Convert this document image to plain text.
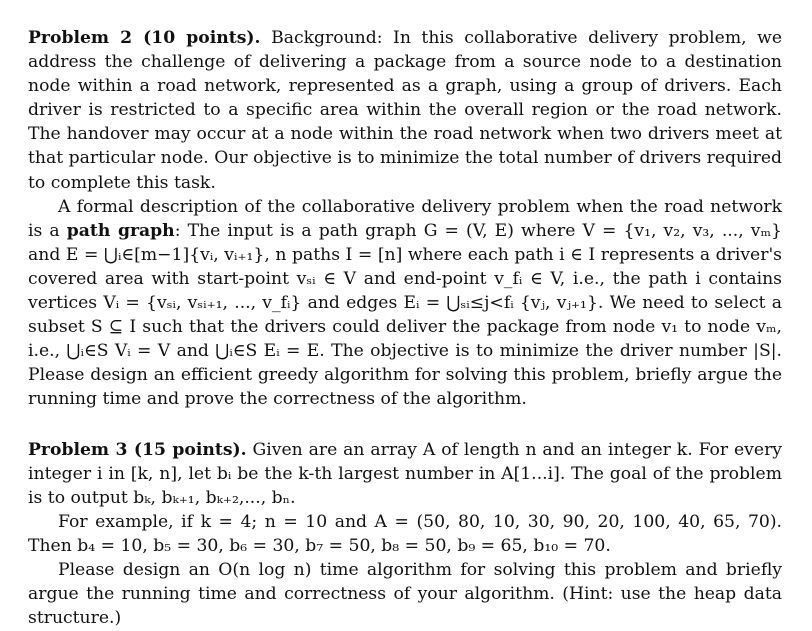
Problem 2 (10 points). Background: In this collaborative delivery problem, we address the challenge of delivering a package from a source node to a destination node within a road network, represented as a graph, using a group of drivers. Each driver is restricted to a specific area within the overall region or the road network. The handover may occur at a node within the road network when two drivers meet at that particular node. Our objective is to minimize the total number of drivers required to complete this task.

A formal description of the collaborative delivery problem when the road network is a path graph: The input is a path graph G = (V, E) where V = {v₁, v₂, v₃, ..., vₘ} and E = ⋃ᵢ∈[m−1]{vᵢ, vᵢ₊₁}, n paths I = [n] where each path i ∈ I represents a driver's covered area with start-point vₛᵢ ∈ V and end-point v_fᵢ ∈ V, i.e., the path i contains vertices Vᵢ = {vₛᵢ, vₛᵢ₊₁, ..., v_fᵢ} and edges Eᵢ = ⋃ₛᵢ≤j<fᵢ {vⱼ, vⱼ₊₁}. We need to select a subset S ⊆ I such that the drivers could deliver the package from node v₁ to node vₘ, i.e., ⋃ᵢ∈S Vᵢ = V and ⋃ᵢ∈S Eᵢ = E. The objective is to minimize the driver number |S|. Please design an efficient greedy algorithm for solving this problem, briefly argue the running time and prove the correctness of the algorithm.

Problem 3 (15 points). Given are an array A of length n and an integer k. For every integer i in [k, n], let bᵢ be the k-th largest number in A[1...i]. The goal of the problem is to output bₖ, bₖ₊₁, bₖ₊₂,..., bₙ.

For example, if k = 4; n = 10 and A = (50, 80, 10, 30, 90, 20, 100, 40, 65, 70). Then b₄ = 10, b₅ = 30, b₆ = 30, b₇ = 50, b₈ = 50, b₉ = 65, b₁₀ = 70.

Please design an O(n log n) time algorithm for solving this problem and briefly argue the running time and correctness of your algorithm. (Hint: use the heap data structure.)
